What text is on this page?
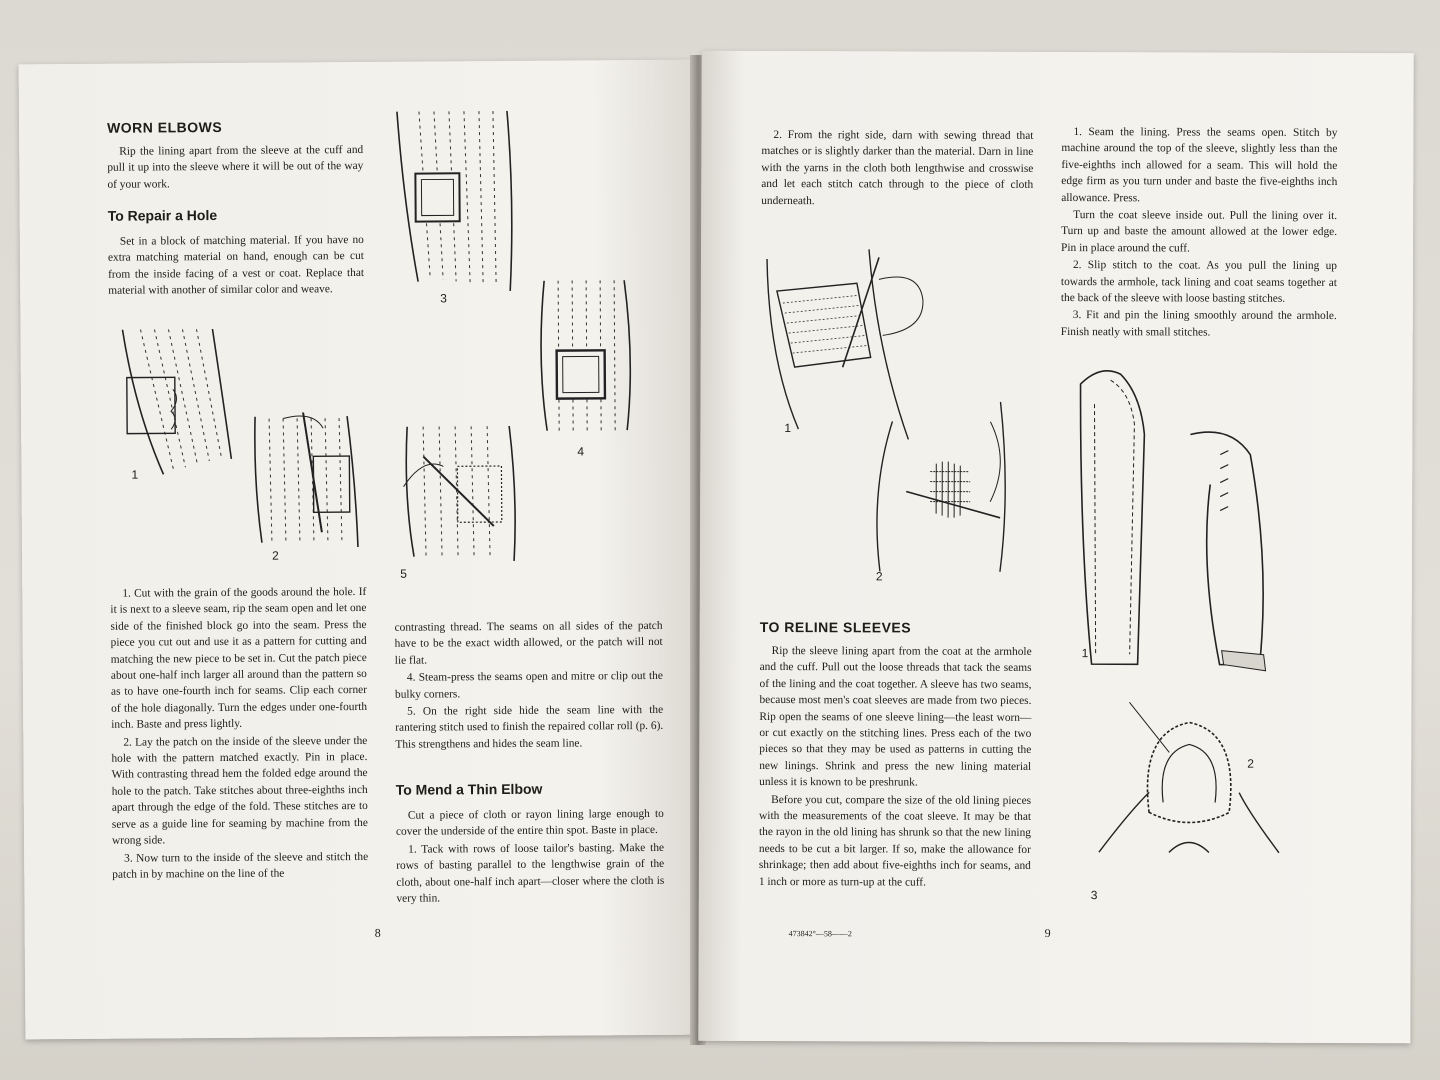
WORN ELBOWS

Rip the lining apart from the sleeve at the cuff and pull it up into the sleeve where it will be out of the way of your work.

To Repair a Hole

Set in a block of matching material. If you have no extra matching material on hand, enough can be cut from the inside facing of a vest or coat. Replace that material with another of similar color and weave.

3
1
2
4
5

1. Cut with the grain of the goods around the hole. If it is next to a sleeve seam, rip the seam open and let one side of the finished block go into the seam. Press the piece you cut out and use it as a pattern for cutting and matching the new piece to be set in. Cut the patch piece about one-half inch larger all around than the pattern so as to have one-fourth inch for seams. Clip each corner of the hole diagonally. Turn the edges under one-fourth inch. Baste and press lightly.

2. Lay the patch on the inside of the sleeve under the hole with the pattern matched exactly. Pin in place. With contrasting thread hem the folded edge around the hole to the patch. Take stitches about three-eighths inch apart through the edge of the fold. These stitches are to serve as a guide line for seaming by machine from the wrong side.

3. Now turn to the inside of the sleeve and stitch the patch in by machine on the line of the

contrasting thread. The seams on all sides of the patch have to be the exact width allowed, or the patch will not lie flat.

4. Steam-press the seams open and mitre or clip out the bulky corners.

5. On the right side hide the seam line with the rantering stitch used to finish the repaired collar roll (p. 6). This strengthens and hides the seam line.

To Mend a Thin Elbow

Cut a piece of cloth or rayon lining large enough to cover the underside of the entire thin spot. Baste in place.

1. Tack with rows of loose tailor's basting. Make the rows of basting parallel to the lengthwise grain of the cloth, about one-half inch apart—closer where the cloth is very thin.

8

2. From the right side, darn with sewing thread that matches or is slightly darker than the material. Darn in line with the yarns in the cloth both lengthwise and crosswise and let each stitch catch through to the piece of cloth underneath.

1
2
TO RELINE SLEEVES

Rip the sleeve lining apart from the coat at the armhole and the cuff. Pull out the loose threads that tack the seams of the lining and the coat together. A sleeve has two seams, because most men's coat sleeves are made from two pieces. Rip open the seams of one sleeve lining—the least worn—or cut exactly on the stitching lines. Press each of the two pieces so that they may be used as patterns in cutting the new linings. Shrink and press the new lining material unless it is known to be preshrunk.

Before you cut, compare the size of the old lining pieces with the measurements of the coat sleeve. It may be that the rayon in the old lining has shrunk so that the new lining needs to be cut a bit larger. If so, make the allowance for shrinkage; then add about five-eighths inch for seams, and 1 inch or more as turn-up at the cuff.

1. Seam the lining. Press the seams open. Stitch by machine around the top of the sleeve, slightly less than the five-eighths inch allowed for a seam. This will hold the edge firm as you turn under and baste the five-eighths inch allowance. Press.

Turn the coat sleeve inside out. Pull the lining over it. Turn up and baste the amount allowed at the lower edge. Pin in place around the cuff.

2. Slip stitch to the coat. As you pull the lining up towards the armhole, tack lining and coat seams together at the back of the sleeve with loose basting stitches.

3. Fit and pin the lining smoothly around the armhole. Finish neatly with small stitches.

1
2
3
473842°—58——2	9
